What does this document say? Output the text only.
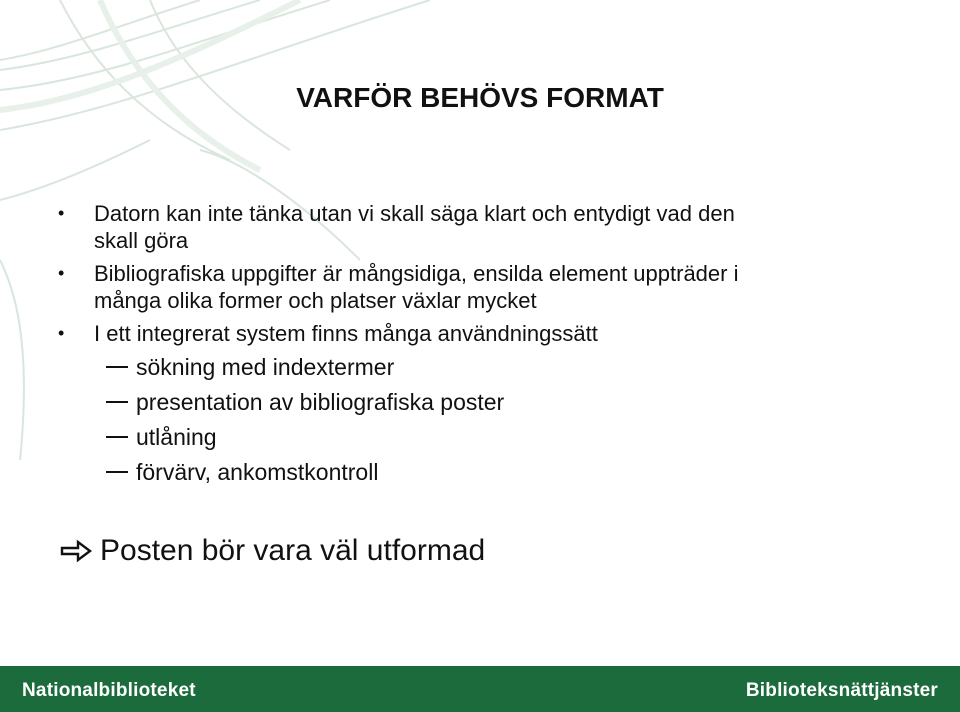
VARFÖR BEHÖVS FORMAT
• Datorn kan inte tänka utan vi skall säga klart och entydigt vad den
skall göra
• Bibliografiska uppgifter är mångsidiga, ensilda element uppträder i
många olika former och platser växlar mycket
• I ett integrerat system finns många användningssätt
sökning med indextermer
presentation av bibliografiska poster
utlåning
förvärv, ankomstkontroll
Posten bör vara väl utformad
Nationalbiblioteket	Biblioteksnättjänster
